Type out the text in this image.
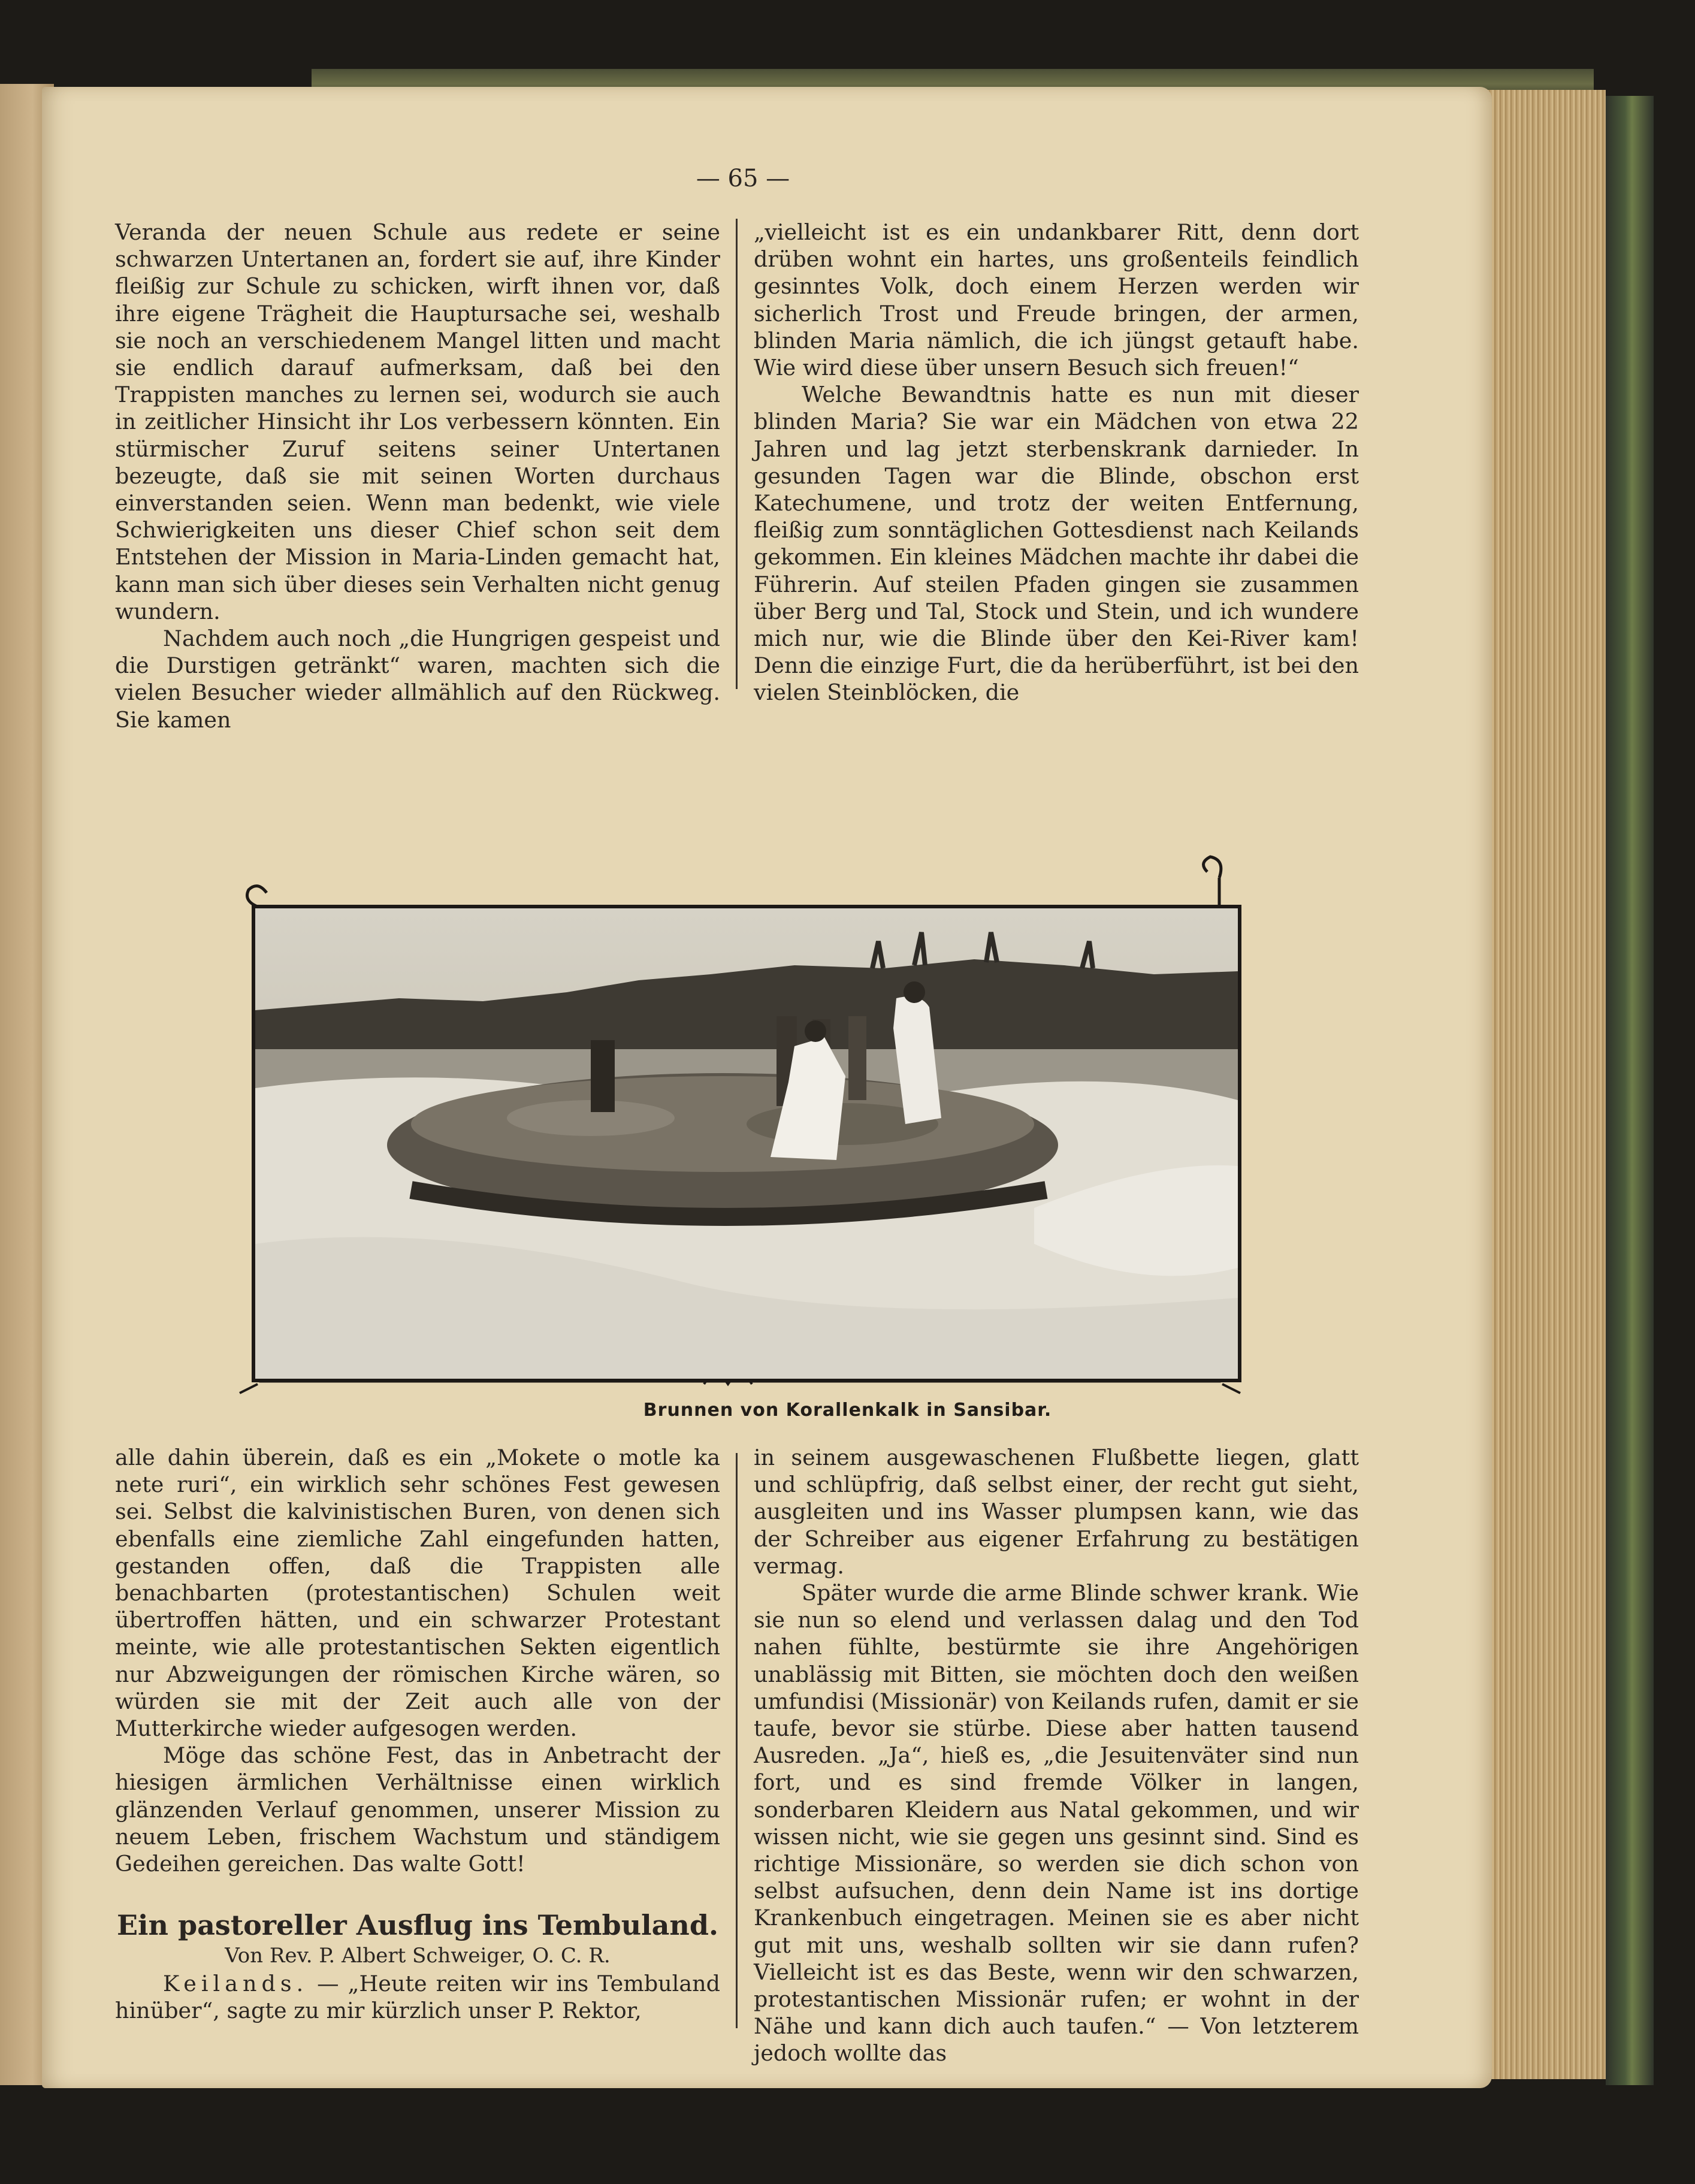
— 65 —

Veranda der neuen Schule aus redete er seine schwarzen Untertanen an, fordert sie auf, ihre Kinder fleißig zur Schule zu schicken, wirft ihnen vor, daß ihre eigene Trägheit die Hauptursache sei, weshalb sie noch an verschiedenem Mangel litten und macht sie endlich darauf aufmerksam, daß bei den Trappisten manches zu lernen sei, wodurch sie auch in zeitlicher Hinsicht ihr Los verbessern könnten. Ein stürmischer Zuruf seitens seiner Untertanen bezeugte, daß sie mit seinen Worten durchaus einverstanden seien. Wenn man bedenkt, wie viele Schwierigkeiten uns dieser Chief schon seit dem Entstehen der Mission in Maria-Linden gemacht hat, kann man sich über dieses sein Verhalten nicht genug wundern.

Nachdem auch noch „die Hungrigen gespeist und die Durstigen getränkt“ waren, machten sich die vielen Besucher wieder allmählich auf den Rückweg. Sie kamen

„vielleicht ist es ein undankbarer Ritt, denn dort drüben wohnt ein hartes, uns großenteils feindlich gesinntes Volk, doch einem Herzen werden wir sicherlich Trost und Freude bringen, der armen, blinden Maria nämlich, die ich jüngst getauft habe. Wie wird diese über unsern Besuch sich freuen!“

Welche Bewandtnis hatte es nun mit dieser blinden Maria? Sie war ein Mädchen von etwa 22 Jahren und lag jetzt sterbenskrank darnieder. In gesunden Tagen war die Blinde, obschon erst Katechumene, und trotz der weiten Entfernung, fleißig zum sonntäglichen Gottesdienst nach Keilands gekommen. Ein kleines Mädchen machte ihr dabei die Führerin. Auf steilen Pfaden gingen sie zusammen über Berg und Tal, Stock und Stein, und ich wundere mich nur, wie die Blinde über den Kei-River kam! Denn die einzige Furt, die da herüberführt, ist bei den vielen Steinblöcken, die

Brunnen von Korallenkalk in Sansibar.

alle dahin überein, daß es ein „Mokete o motle ka nete ruri“, ein wirklich sehr schönes Fest gewesen sei. Selbst die kalvinistischen Buren, von denen sich ebenfalls eine ziemliche Zahl eingefunden hatten, gestanden offen, daß die Trappisten alle benachbarten (protestantischen) Schulen weit übertroffen hätten, und ein schwarzer Protestant meinte, wie alle protestantischen Sekten eigentlich nur Abzweigungen der römischen Kirche wären, so würden sie mit der Zeit auch alle von der Mutterkirche wieder aufgesogen werden.

Möge das schöne Fest, das in Anbetracht der hiesigen ärmlichen Verhältnisse einen wirklich glänzenden Verlauf genommen, unserer Mission zu neuem Leben, frischem Wachstum und ständigem Gedeihen gereichen. Das walte Gott!

Ein pastoreller Ausflug ins Tembuland.
Von Rev. P. Albert Schweiger, O. C. R.

Keilands. — „Heute reiten wir ins Tembuland hinüber“, sagte zu mir kürzlich unser P. Rektor,

in seinem ausgewaschenen Flußbette liegen, glatt und schlüpfrig, daß selbst einer, der recht gut sieht, ausgleiten und ins Wasser plumpsen kann, wie das der Schreiber aus eigener Erfahrung zu bestätigen vermag.

Später wurde die arme Blinde schwer krank. Wie sie nun so elend und verlassen dalag und den Tod nahen fühlte, bestürmte sie ihre Angehörigen unablässig mit Bitten, sie möchten doch den weißen umfundisi (Missionär) von Keilands rufen, damit er sie taufe, bevor sie stürbe. Diese aber hatten tausend Ausreden. „Ja“, hieß es, „die Jesuitenväter sind nun fort, und es sind fremde Völker in langen, sonderbaren Kleidern aus Natal gekommen, und wir wissen nicht, wie sie gegen uns gesinnt sind. Sind es richtige Missionäre, so werden sie dich schon von selbst aufsuchen, denn dein Name ist ins dortige Krankenbuch eingetragen. Meinen sie es aber nicht gut mit uns, weshalb sollten wir sie dann rufen? Vielleicht ist es das Beste, wenn wir den schwarzen, protestantischen Missionär rufen; er wohnt in der Nähe und kann dich auch taufen.“ — Von letzterem jedoch wollte das
